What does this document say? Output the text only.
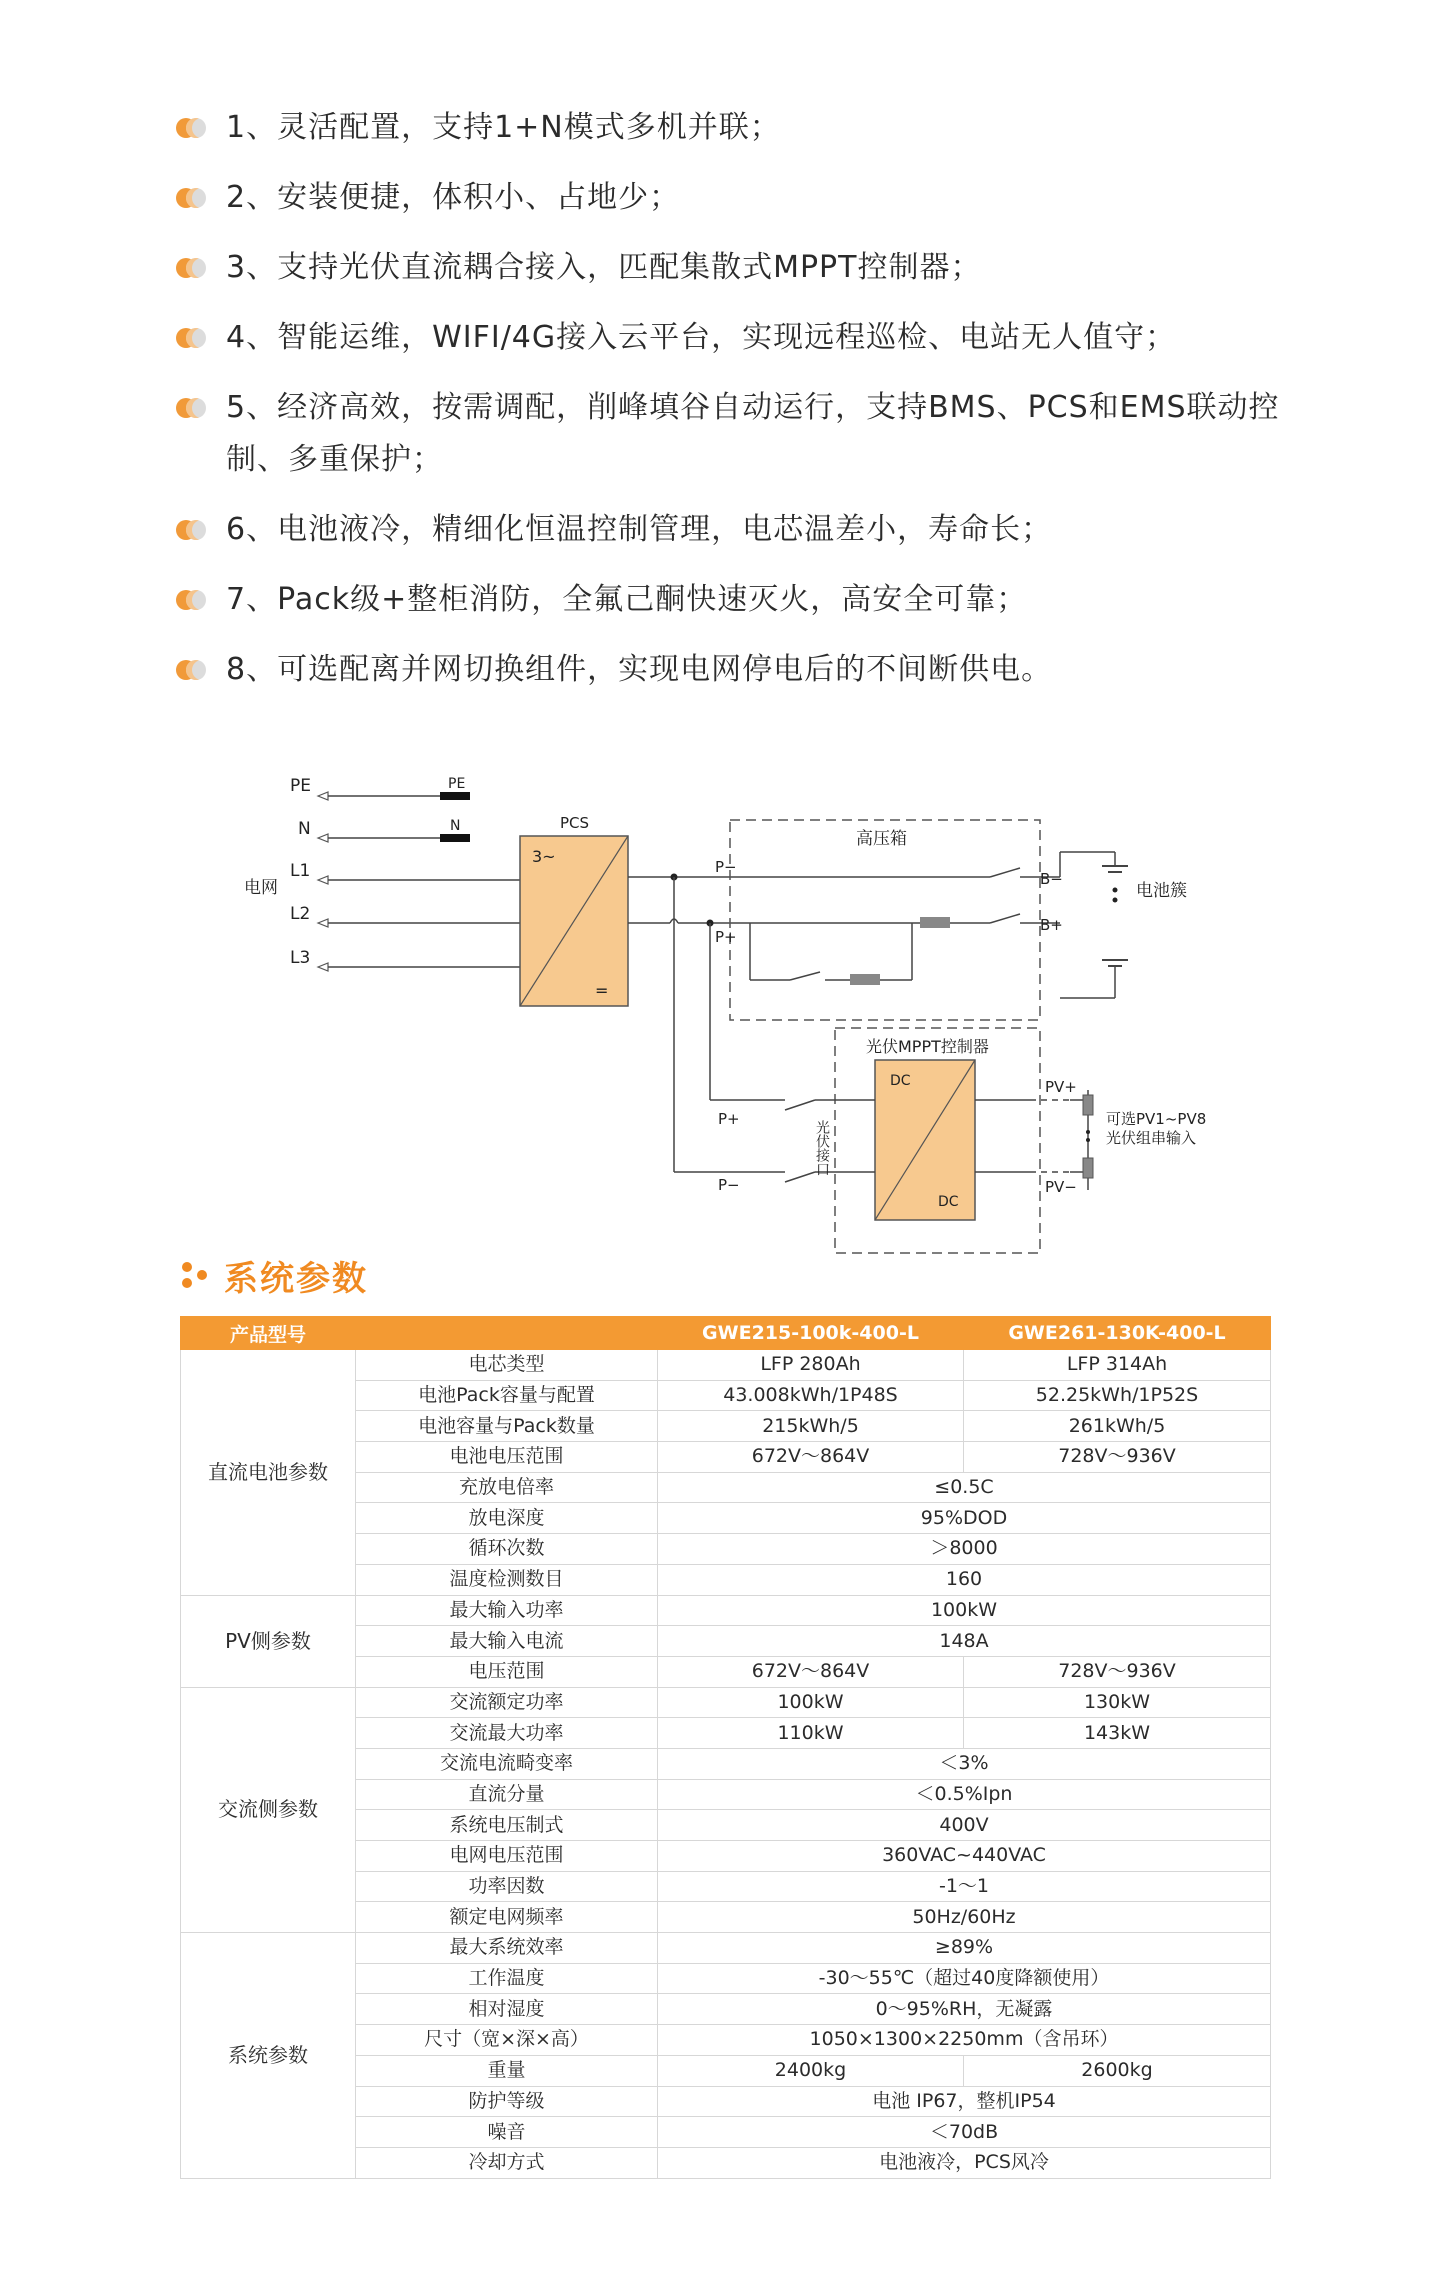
1、灵活配置，支持1+N模式多机并联；
2、安装便捷，体积小、占地少；
3、支持光伏直流耦合接入，匹配集散式MPPT控制器；
4、智能运维，WIFI/4G接入云平台，实现远程巡检、电站无人值守；
5、经济高效，按需调配，削峰填谷自动运行，支持BMS、PCS和EMS联动控制、多重保护；
6、电池液冷，精细化恒温控制管理，电芯温差小，寿命长；
7、Pack级+整柜消防，全氟己酮快速灭火，高安全可靠；
8、可选配离并网切换组件，实现电网停电后的不间断供电。
PE	PE
N	N
电网
L1
L2
L3
PCS
3~
=
高压箱
P−
P+
B−
B+
电池簇
光伏MPPT控制器
DC
DC
P+
P−
光伏接口
PV+
PV−
可选PV1~PV8
光伏组串输入
系统参数
产品型号		GWE215-100k-400-L	GWE261-130K-400-L
直流电池参数	电芯类型	LFP 280Ah	LFP 314Ah
	电池Pack容量与配置	43.008kWh/1P48S	52.25kWh/1P52S
	电池容量与Pack数量	215kWh/5	261kWh/5
	电池电压范围	672V～864V	728V～936V
	充放电倍率	≤0.5C	
	放电深度	95%DOD	
	循环次数	＞8000	
	温度检测数目	160	
PV侧参数	最大输入功率	100kW	
	最大输入电流	148A	
	电压范围	672V～864V	728V～936V
交流侧参数	交流额定功率	100kW	130kW
	交流最大功率	110kW	143kW
	交流电流畸变率	＜3%	
	直流分量	＜0.5%Ipn	
	系统电压制式	400V	
	电网电压范围	360VAC~440VAC	
	功率因数	-1～1	
	额定电网频率	50Hz/60Hz	
系统参数	最大系统效率	≥89%	
	工作温度	-30～55℃（超过40度降额使用）	
	相对湿度	0～95%RH，无凝露	
	尺寸（宽×深×高）	1050×1300×2250mm（含吊环）	
	重量	2400kg	2600kg
	防护等级	电池 IP67，整机IP54	
	噪音	＜70dB	
	冷却方式	电池液冷，PCS风冷	
